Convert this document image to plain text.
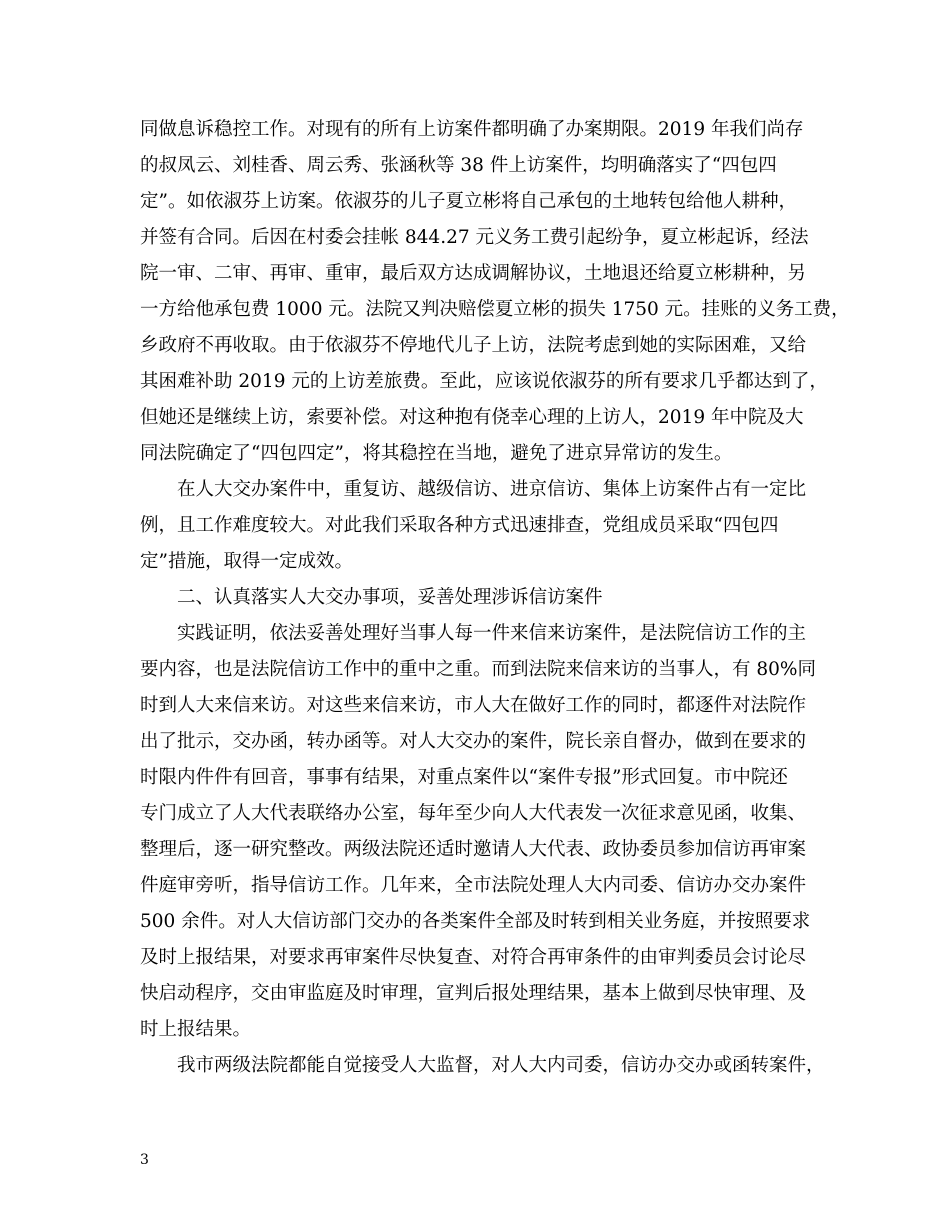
同做息诉稳控工作。对现有的所有上访案件都明确了办案期限。2019 年我们尚存
的叔凤云、刘桂香、周云秀、张涵秋等 38 件上访案件，均明确落实了“四包四
定”。如依淑芬上访案。依淑芬的儿子夏立彬将自己承包的土地转包给他人耕种，
并签有合同。后因在村委会挂帐 844.27 元义务工费引起纷争，夏立彬起诉，经法
院一审、二审、再审、重审，最后双方达成调解协议，土地退还给夏立彬耕种，另
一方给他承包费 1000 元。法院又判决赔偿夏立彬的损失 1750 元。挂账的义务工费，
乡政府不再收取。由于依淑芬不停地代儿子上访，法院考虑到她的实际困难，又给
其困难补助 2019 元的上访差旅费。至此，应该说依淑芬的所有要求几乎都达到了，
但她还是继续上访，索要补偿。对这种抱有侥幸心理的上访人，2019 年中院及大
同法院确定了“四包四定”，将其稳控在当地，避免了进京异常访的发生。
在人大交办案件中，重复访、越级信访、进京信访、集体上访案件占有一定比
例，且工作难度较大。对此我们采取各种方式迅速排查，党组成员采取“四包四
定”措施，取得一定成效。
二、认真落实人大交办事项，妥善处理涉诉信访案件
实践证明，依法妥善处理好当事人每一件来信来访案件，是法院信访工作的主
要内容，也是法院信访工作中的重中之重。而到法院来信来访的当事人，有 80%同
时到人大来信来访。对这些来信来访，市人大在做好工作的同时，都逐件对法院作
出了批示，交办函，转办函等。对人大交办的案件，院长亲自督办，做到在要求的
时限内件件有回音，事事有结果，对重点案件以“案件专报”形式回复。市中院还
专门成立了人大代表联络办公室，每年至少向人大代表发一次征求意见函，收集、
整理后，逐一研究整改。两级法院还适时邀请人大代表、政协委员参加信访再审案
件庭审旁听，指导信访工作。几年来，全市法院处理人大内司委、信访办交办案件
500 余件。对人大信访部门交办的各类案件全部及时转到相关业务庭，并按照要求
及时上报结果，对要求再审案件尽快复查、对符合再审条件的由审判委员会讨论尽
快启动程序，交由审监庭及时审理，宣判后报处理结果，基本上做到尽快审理、及
时上报结果。
我市两级法院都能自觉接受人大监督，对人大内司委，信访办交办或函转案件，
3
